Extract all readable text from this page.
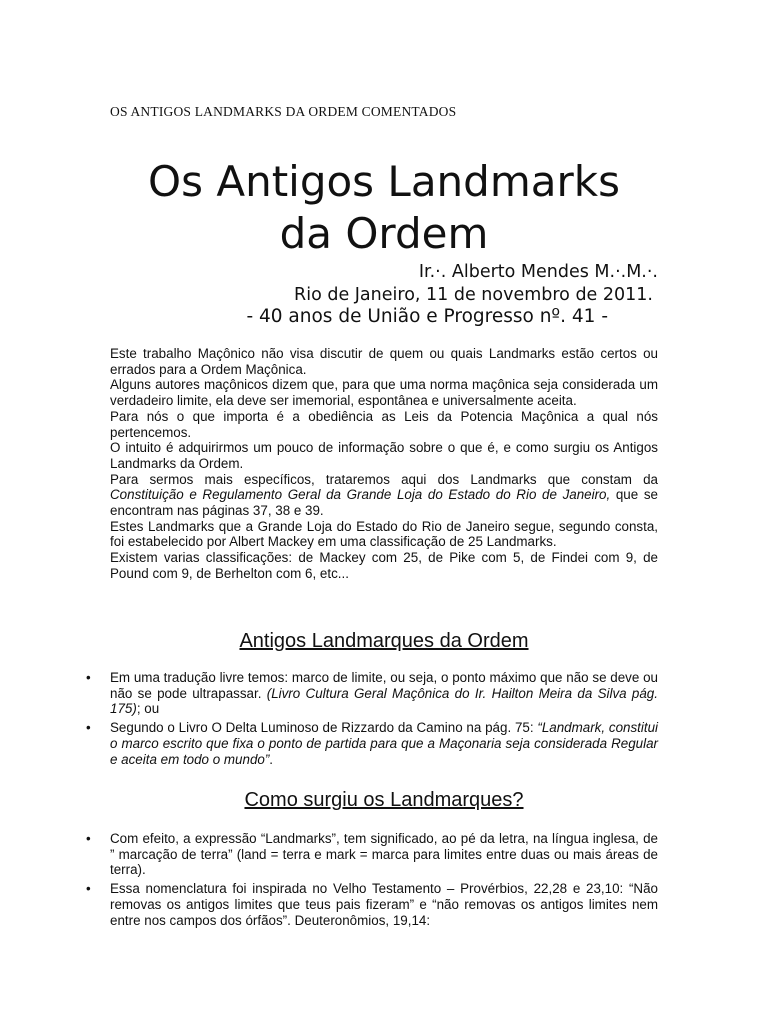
OS ANTIGOS LANDMARKS DA ORDEM COMENTADOS
Os Antigos Landmarks
da Ordem
Ir.·. Alberto Mendes M.·.M.·.
Rio de Janeiro, 11 de novembro de 2011.
- 40 anos de União e Progresso nº. 41 -

Este trabalho Maçônico não visa discutir de quem ou quais Landmarks estão certos ou errados para a Ordem Maçônica.

Alguns autores maçônicos dizem que, para que uma norma maçônica seja considerada um verdadeiro limite, ela deve ser imemorial, espontânea e universalmente aceita.

Para nós o que importa é a obediência as Leis da Potencia Maçônica a qual nós pertencemos.

O intuito é adquirirmos um pouco de informação sobre o que é, e como surgiu os Antigos Landmarks da Ordem.

Para sermos mais específicos, trataremos aqui dos Landmarks que constam da Constituição e Regulamento Geral da Grande Loja do Estado do Rio de Janeiro, que se encontram nas páginas 37, 38 e 39.

Estes Landmarks que a Grande Loja do Estado do Rio de Janeiro segue, segundo consta, foi estabelecido por Albert Mackey em uma classificação de 25 Landmarks.

Existem varias classificações: de Mackey com 25, de Pike com 5, de Findei com 9, de Pound com 9, de Berhelton com 6, etc...

Antigos Landmarques da Ordem
• Em uma tradução livre temos: marco de limite, ou seja, o ponto máximo que não se deve ou não se pode ultrapassar. (Livro Cultura Geral Maçônica do Ir. Hailton Meira da Silva pág. 175); ou
• Segundo o Livro O Delta Luminoso de Rizzardo da Camino na pág. 75: “Landmark, constitui o marco escrito que fixa o ponto de partida para que a Maçonaria seja considerada Regular e aceita em todo o mundo”.
Como surgiu os Landmarques?
• Com efeito, a expressão “Landmarks”, tem significado, ao pé da letra, na língua inglesa, de ” marcação de terra” (land = terra e mark = marca para limites entre duas ou mais áreas de terra).
• Essa nomenclatura foi inspirada no Velho Testamento – Provérbios, 22,28 e 23,10: “Não removas os antigos limites que teus pais fizeram” e “não removas os antigos limites nem entre nos campos dos órfãos”. Deuteronômios, 19,14:
